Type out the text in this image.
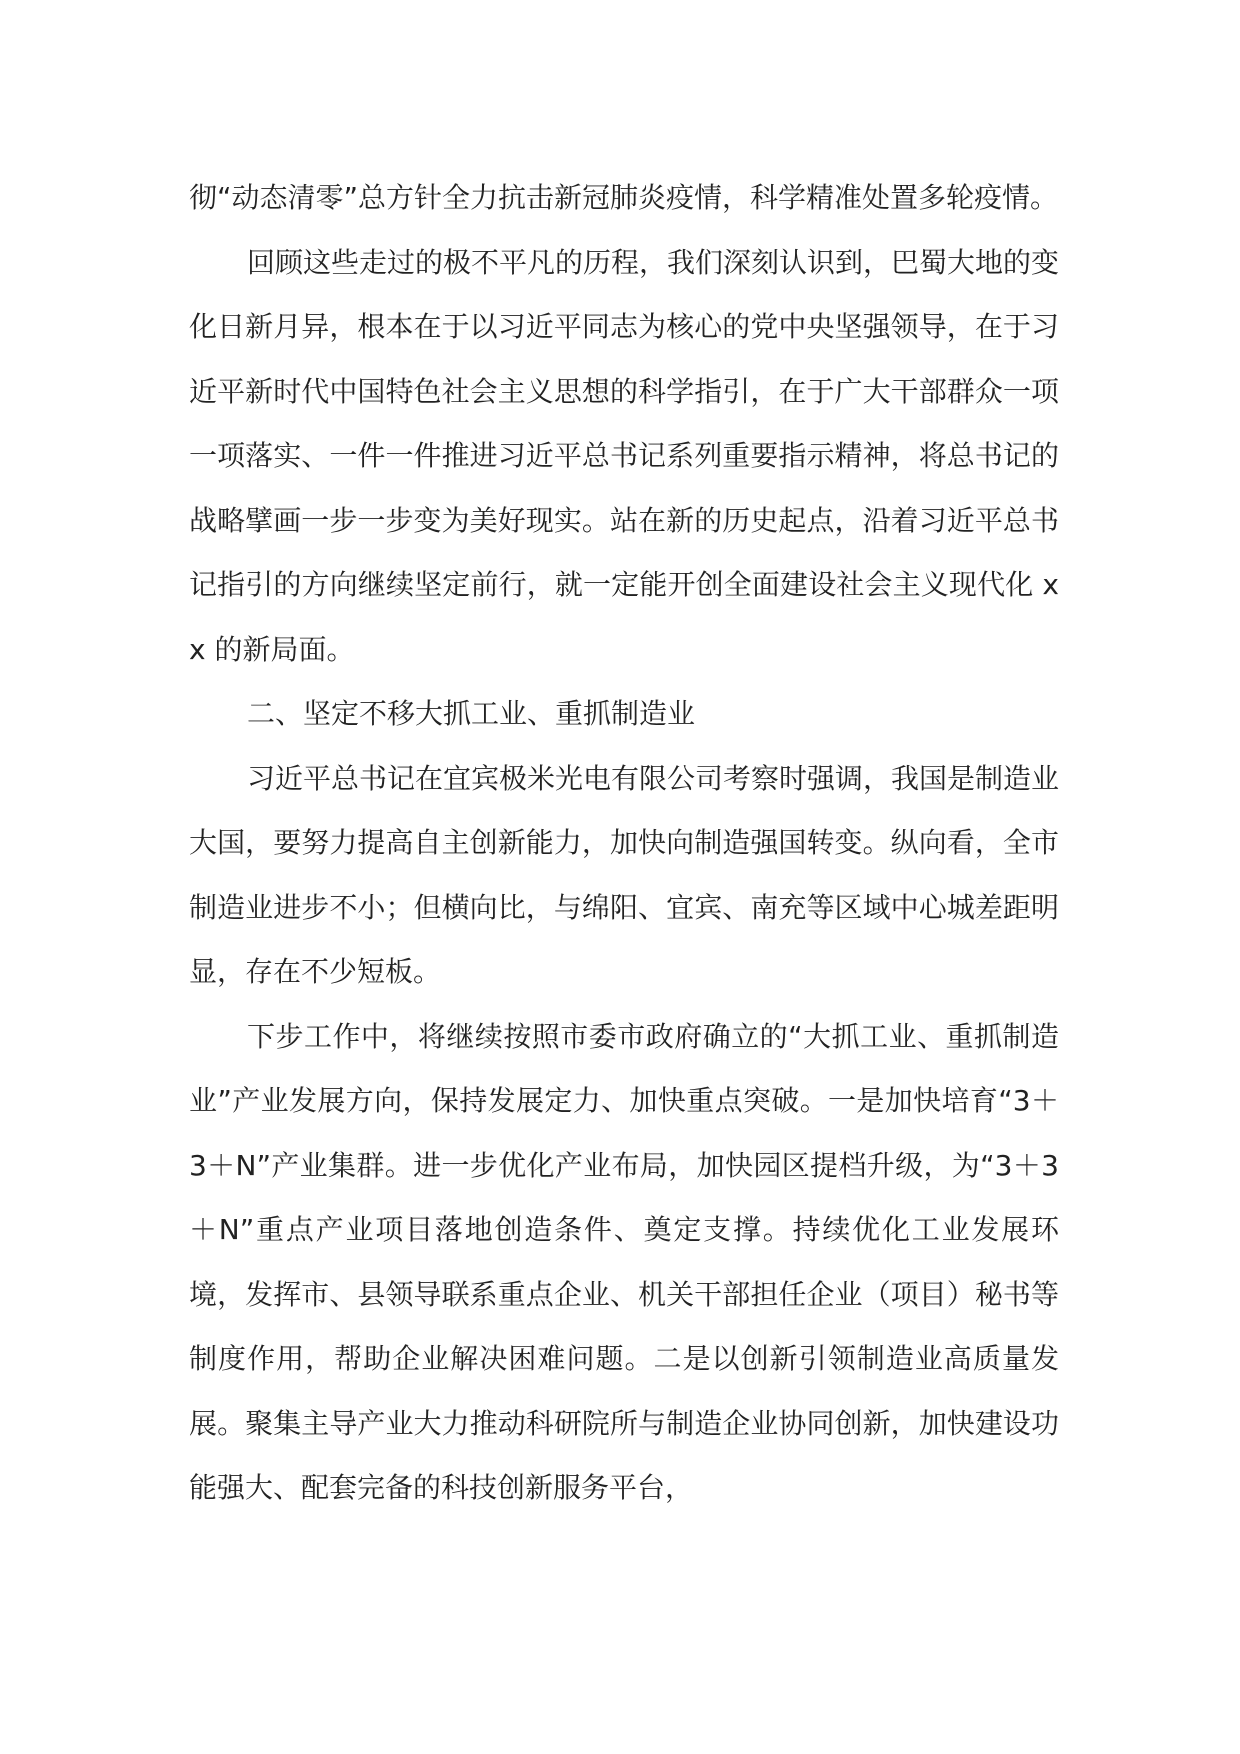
彻“动态清零”总方针全力抗击新冠肺炎疫情，科学精准处置多轮疫情。

回顾这些走过的极不平凡的历程，我们深刻认识到，巴蜀大地的变化日新月异，根本在于以习近平同志为核心的党中央坚强领导，在于习近平新时代中国特色社会主义思想的科学指引，在于广大干部群众一项一项落实、一件一件推进习近平总书记系列重要指示精神，将总书记的战略擘画一步一步变为美好现实。站在新的历史起点，沿着习近平总书记指引的方向继续坚定前行，就一定能开创全面建设社会主义现代化 xx 的新局面。

二、坚定不移大抓工业、重抓制造业

习近平总书记在宜宾极米光电有限公司考察时强调，我国是制造业大国，要努力提高自主创新能力，加快向制造强国转变。纵向看，全市制造业进步不小；但横向比，与绵阳、宜宾、南充等区域中心城差距明显，存在不少短板。

下步工作中，将继续按照市委市政府确立的“大抓工业、重抓制造业”产业发展方向，保持发展定力、加快重点突破。一是加快培育“3＋3＋N”产业集群。进一步优化产业布局，加快园区提档升级，为“3＋3＋N”重点产业项目落地创造条件、奠定支撑。持续优化工业发展环境，发挥市、县领导联系重点企业、机关干部担任企业（项目）秘书等制度作用，帮助企业解决困难问题。二是以创新引领制造业高质量发展。聚集主导产业大力推动科研院所与制造企业协同创新，加快建设功能强大、配套完备的科技创新服务平台，
